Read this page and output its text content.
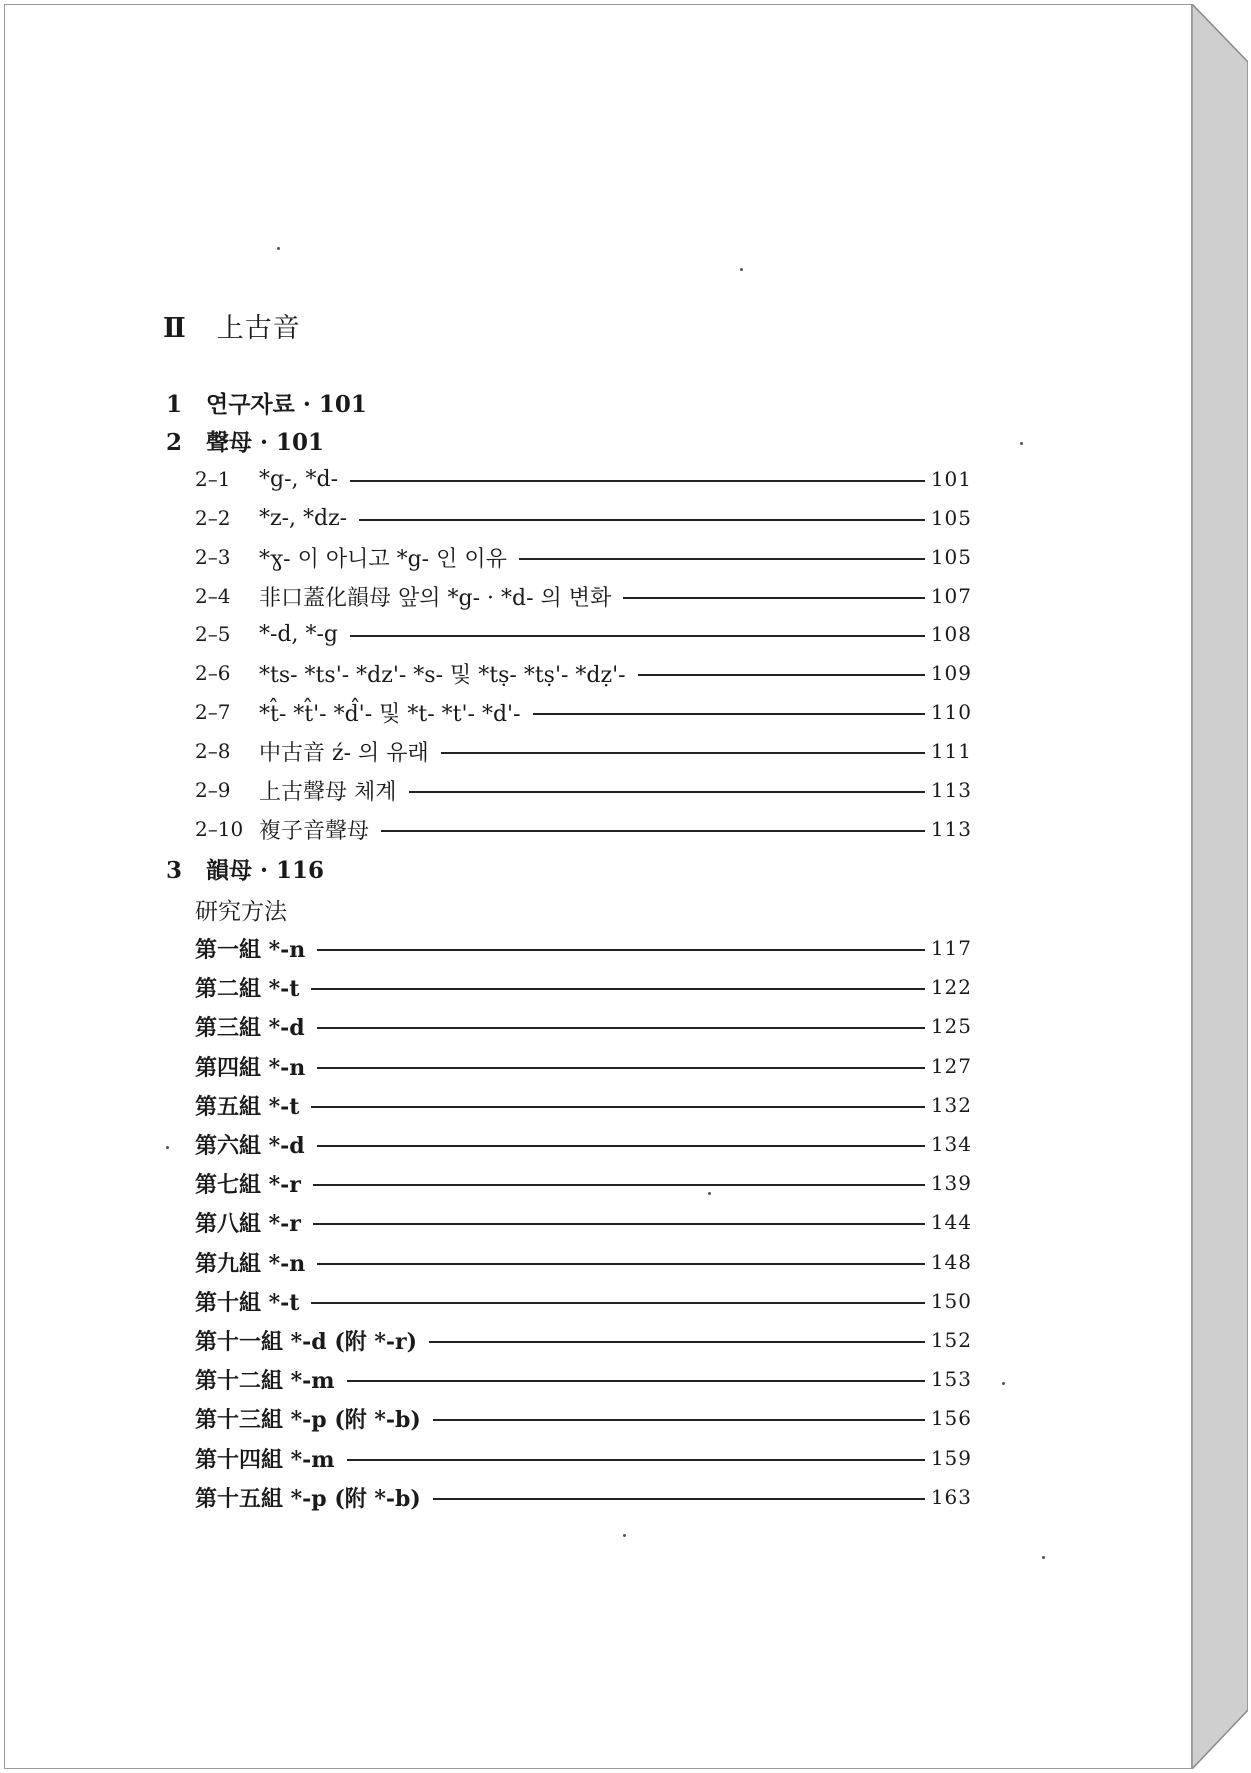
Ⅱ 上古音
1 연구자료 · 101
2 聲母 · 101
2–1	*g-, *d-	101
2–2	*z-, *dz-	105
2–3	*ɣ- 이 아니고 *g- 인 이유	105
2–4	非口蓋化韻母 앞의 *g- · *d- 의 변화	107
2–5	*-d, *-g	108
2–6	*ts- *ts'- *dz'- *s- 및 *tṣ- *tṣ'- *dẓ'-	109
2–7	*t̂- *t̂'- *d̂'- 및 *t- *t'- *d'-	110
2–8	中古音 ź- 의 유래	111
2–9	上古聲母 체계	113
2–10 複子音聲母	113
3 韻母 · 116
研究方法
第一組 *-n	117
第二組 *-t	122
第三組 *-d	125
第四組 *-n	127
第五組 *-t	132
第六組 *-d	134
第七組 *-r	139
第八組 *-r	144
第九組 *-n	148
第十組 *-t	150
第十一組 *-d (附 *-r)	152
第十二組 *-m	153
第十三組 *-p (附 *-b)	156
第十四組 *-m	159
第十五組 *-p (附 *-b)	163
